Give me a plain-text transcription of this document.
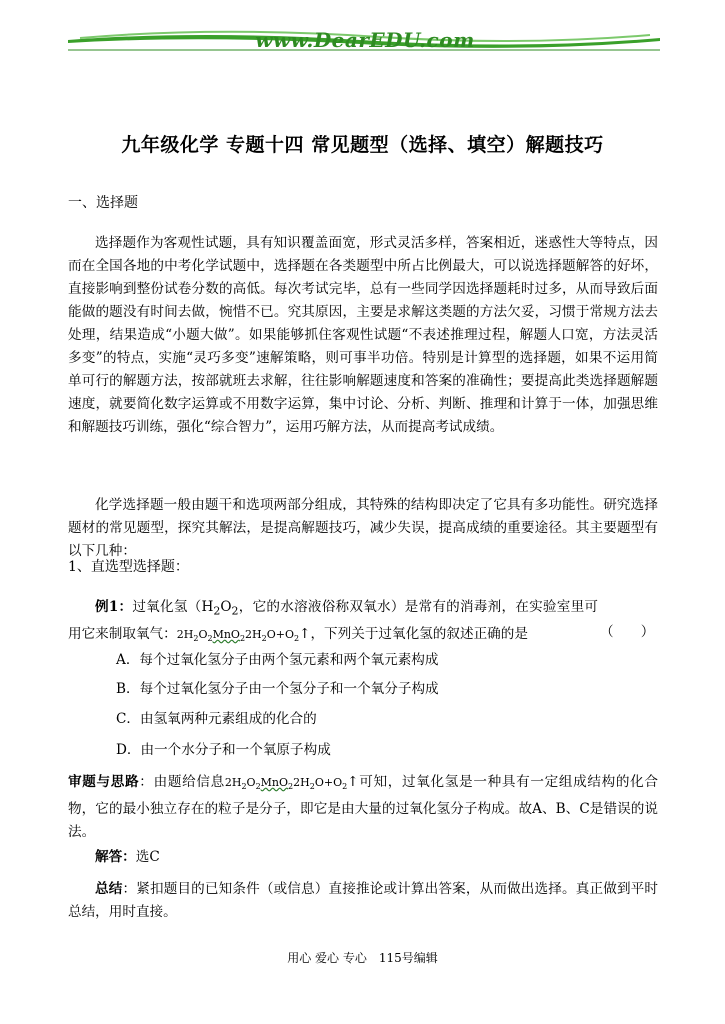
www.DearEDU.com
九年级化学 专题十四 常见题型（选择、填空）解题技巧
一、选择题
选择题作为客观性试题，具有知识覆盖面宽，形式灵活多样，答案相近，迷惑性大等特点，因而在全国各地的中考化学试题中，选择题在各类题型中所占比例最大，可以说选择题解答的好坏，直接影响到整份试卷分数的高低。每次考试完毕，总有一些同学因选择题耗时过多，从而导致后面能做的题没有时间去做，惋惜不已。究其原因，主要是求解这类题的方法欠妥，习惯于常规方法去处理，结果造成“小题大做”。如果能够抓住客观性试题“不表述推理过程，解题人口宽，方法灵活多变”的特点，实施“灵巧多变”速解策略，则可事半功倍。特别是计算型的选择题，如果不运用简单可行的解题方法，按部就班去求解，往往影响解题速度和答案的准确性；要提高此类选择题解题速度，就要简化数字运算或不用数字运算，集中讨论、分析、判断、推理和计算于一体，加强思维和解题技巧训练，强化“综合智力”，运用巧解方法，从而提高考试成绩。
化学选择题一般由题干和选项两部分组成，其特殊的结构即决定了它具有多功能性。研究选择题材的常见题型，探究其解法，是提高解题技巧，减少失误，提高成绩的重要途径。其主要题型有以下几种：
1、直选型选择题：
例1：过氧化氢（$H_2O_2$，它的水溶液俗称双氧水）是常有的消毒剂，在实验室里可用它来制取氧气：$2H_2O_2MnO_22H_2O+O_2↑$，下列关于过氧化氢的叙述正确的是	（　　）
A．每个过氧化氢分子由两个氢元素和两个氧元素构成
B．每个过氧化氢分子由一个氢分子和一个氧分子构成
C．由氢氧两种元素组成的化合的
D．由一个水分子和一个氧原子构成
审题与思路：由题给信息$2H_2O_2MnO_22H_2O+O_2↑$可知，过氧化氢是一种具有一定组成结构的化合物，它的最小独立存在的粒子是分子，即它是由大量的过氧化氢分子构成。故A、B、C是错误的说法。
解答：选C
总结：紧扣题目的已知条件（或信息）直接推论或计算出答案，从而做出选择。真正做到平时总结，用时直接。
用心 爱心 专心　115号编辑
